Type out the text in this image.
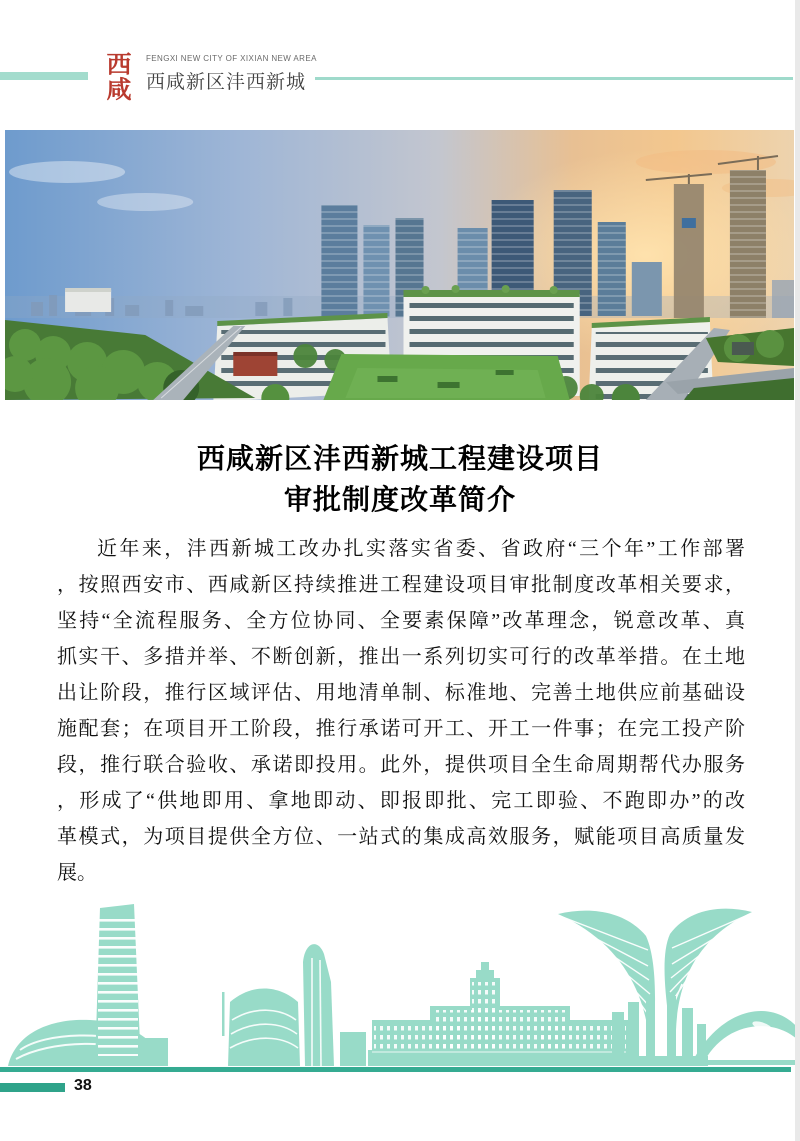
西
咸
FENGXI NEW CITY OF XIXIAN NEW AREA
西咸新区沣西新城
西咸新区沣西新城工程建设项目
审批制度改革简介
近年来，沣西新城工改办扎实落实省委、省政府“三个年”工作部署
，按照西安市、西咸新区持续推进工程建设项目审批制度改革相关要求，
坚持“全流程服务、全方位协同、全要素保障”改革理念，锐意改革、真
抓实干、多措并举、不断创新，推出一系列切实可行的改革举措。在土地
出让阶段，推行区域评估、用地清单制、标准地、完善土地供应前基础设
施配套；在项目开工阶段，推行承诺可开工、开工一件事；在完工投产阶
段，推行联合验收、承诺即投用。此外，提供项目全生命周期帮代办服务
，形成了“供地即用、拿地即动、即报即批、完工即验、不跑即办”的改
革模式，为项目提供全方位、一站式的集成高效服务，赋能项目高质量发
展。
38
